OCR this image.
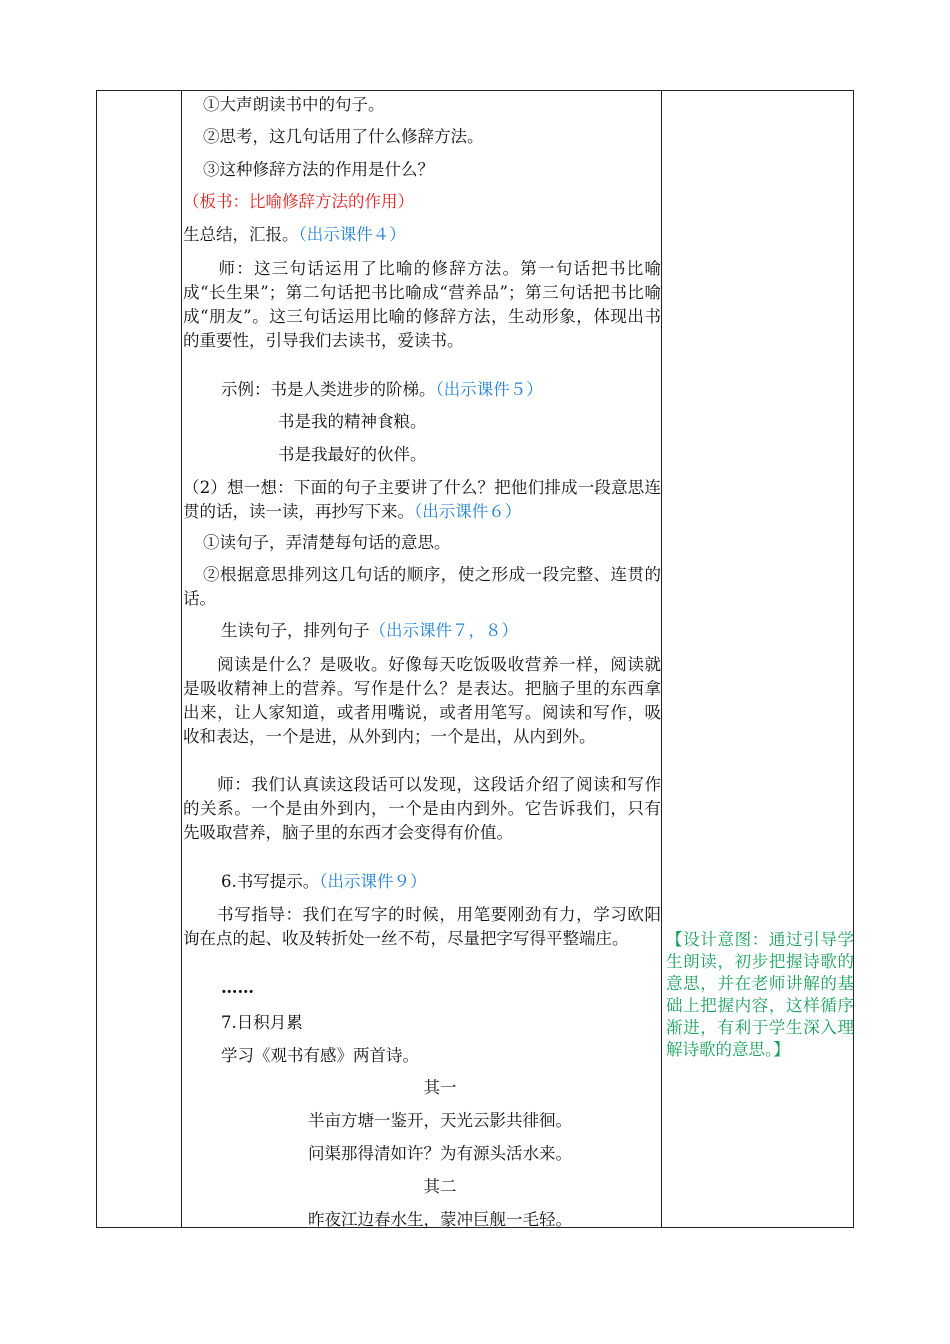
①大声朗读书中的句子。
②思考，这几句话用了什么修辞方法。
③这种修辞方法的作用是什么？
（板书：比喻修辞方法的作用）
生总结，汇报。（出示课件４）
　　师：这三句话运用了比喻的修辞方法。第一句话把书比喻成“长生果”；第二句话把书比喻成“营养品”；第三句话把书比喻成“朋友”。这三句话运用比喻的修辞方法，生动形象，体现出书的重要性，引导我们去读书，爱读书。
示例：书是人类进步的阶梯。（出示课件５）
书是我的精神食粮。
书是我最好的伙伴。
（2）想一想：下面的句子主要讲了什么？把他们排成一段意思连贯的话，读一读，再抄写下来。（出示课件６）
①读句子，弄清楚每句话的意思。
②根据意思排列这几句话的顺序，使之形成一段完整、连贯的话。
生读句子，排列句子（出示课件７，８）
　　阅读是什么？是吸收。好像每天吃饭吸收营养一样，阅读就是吸收精神上的营养。写作是什么？是表达。把脑子里的东西拿出来，让人家知道，或者用嘴说，或者用笔写。阅读和写作，吸收和表达，一个是进，从外到内；一个是出，从内到外。
　　师：我们认真读这段话可以发现，这段话介绍了阅读和写作的关系。一个是由外到内，一个是由内到外。它告诉我们，只有先吸取营养，脑子里的东西才会变得有价值。
6.书写提示。（出示课件９）
　　书写指导：我们在写字的时候，用笔要刚劲有力，学习欧阳询在点的起、收及转折处一丝不苟，尽量把字写得平整端庄。
……
7.日积月累
学习《观书有感》两首诗。
其一
半亩方塘一鉴开，天光云影共徘徊。
问渠那得清如许？为有源头活水来。
其二
昨夜江边春水生，蒙冲巨舰一毛轻。
【设计意图：通过引导学生朗读，初步把握诗歌的意思，并在老师讲解的基础上把握内容，这样循序渐进，有利于学生深入理解诗歌的意思。】
